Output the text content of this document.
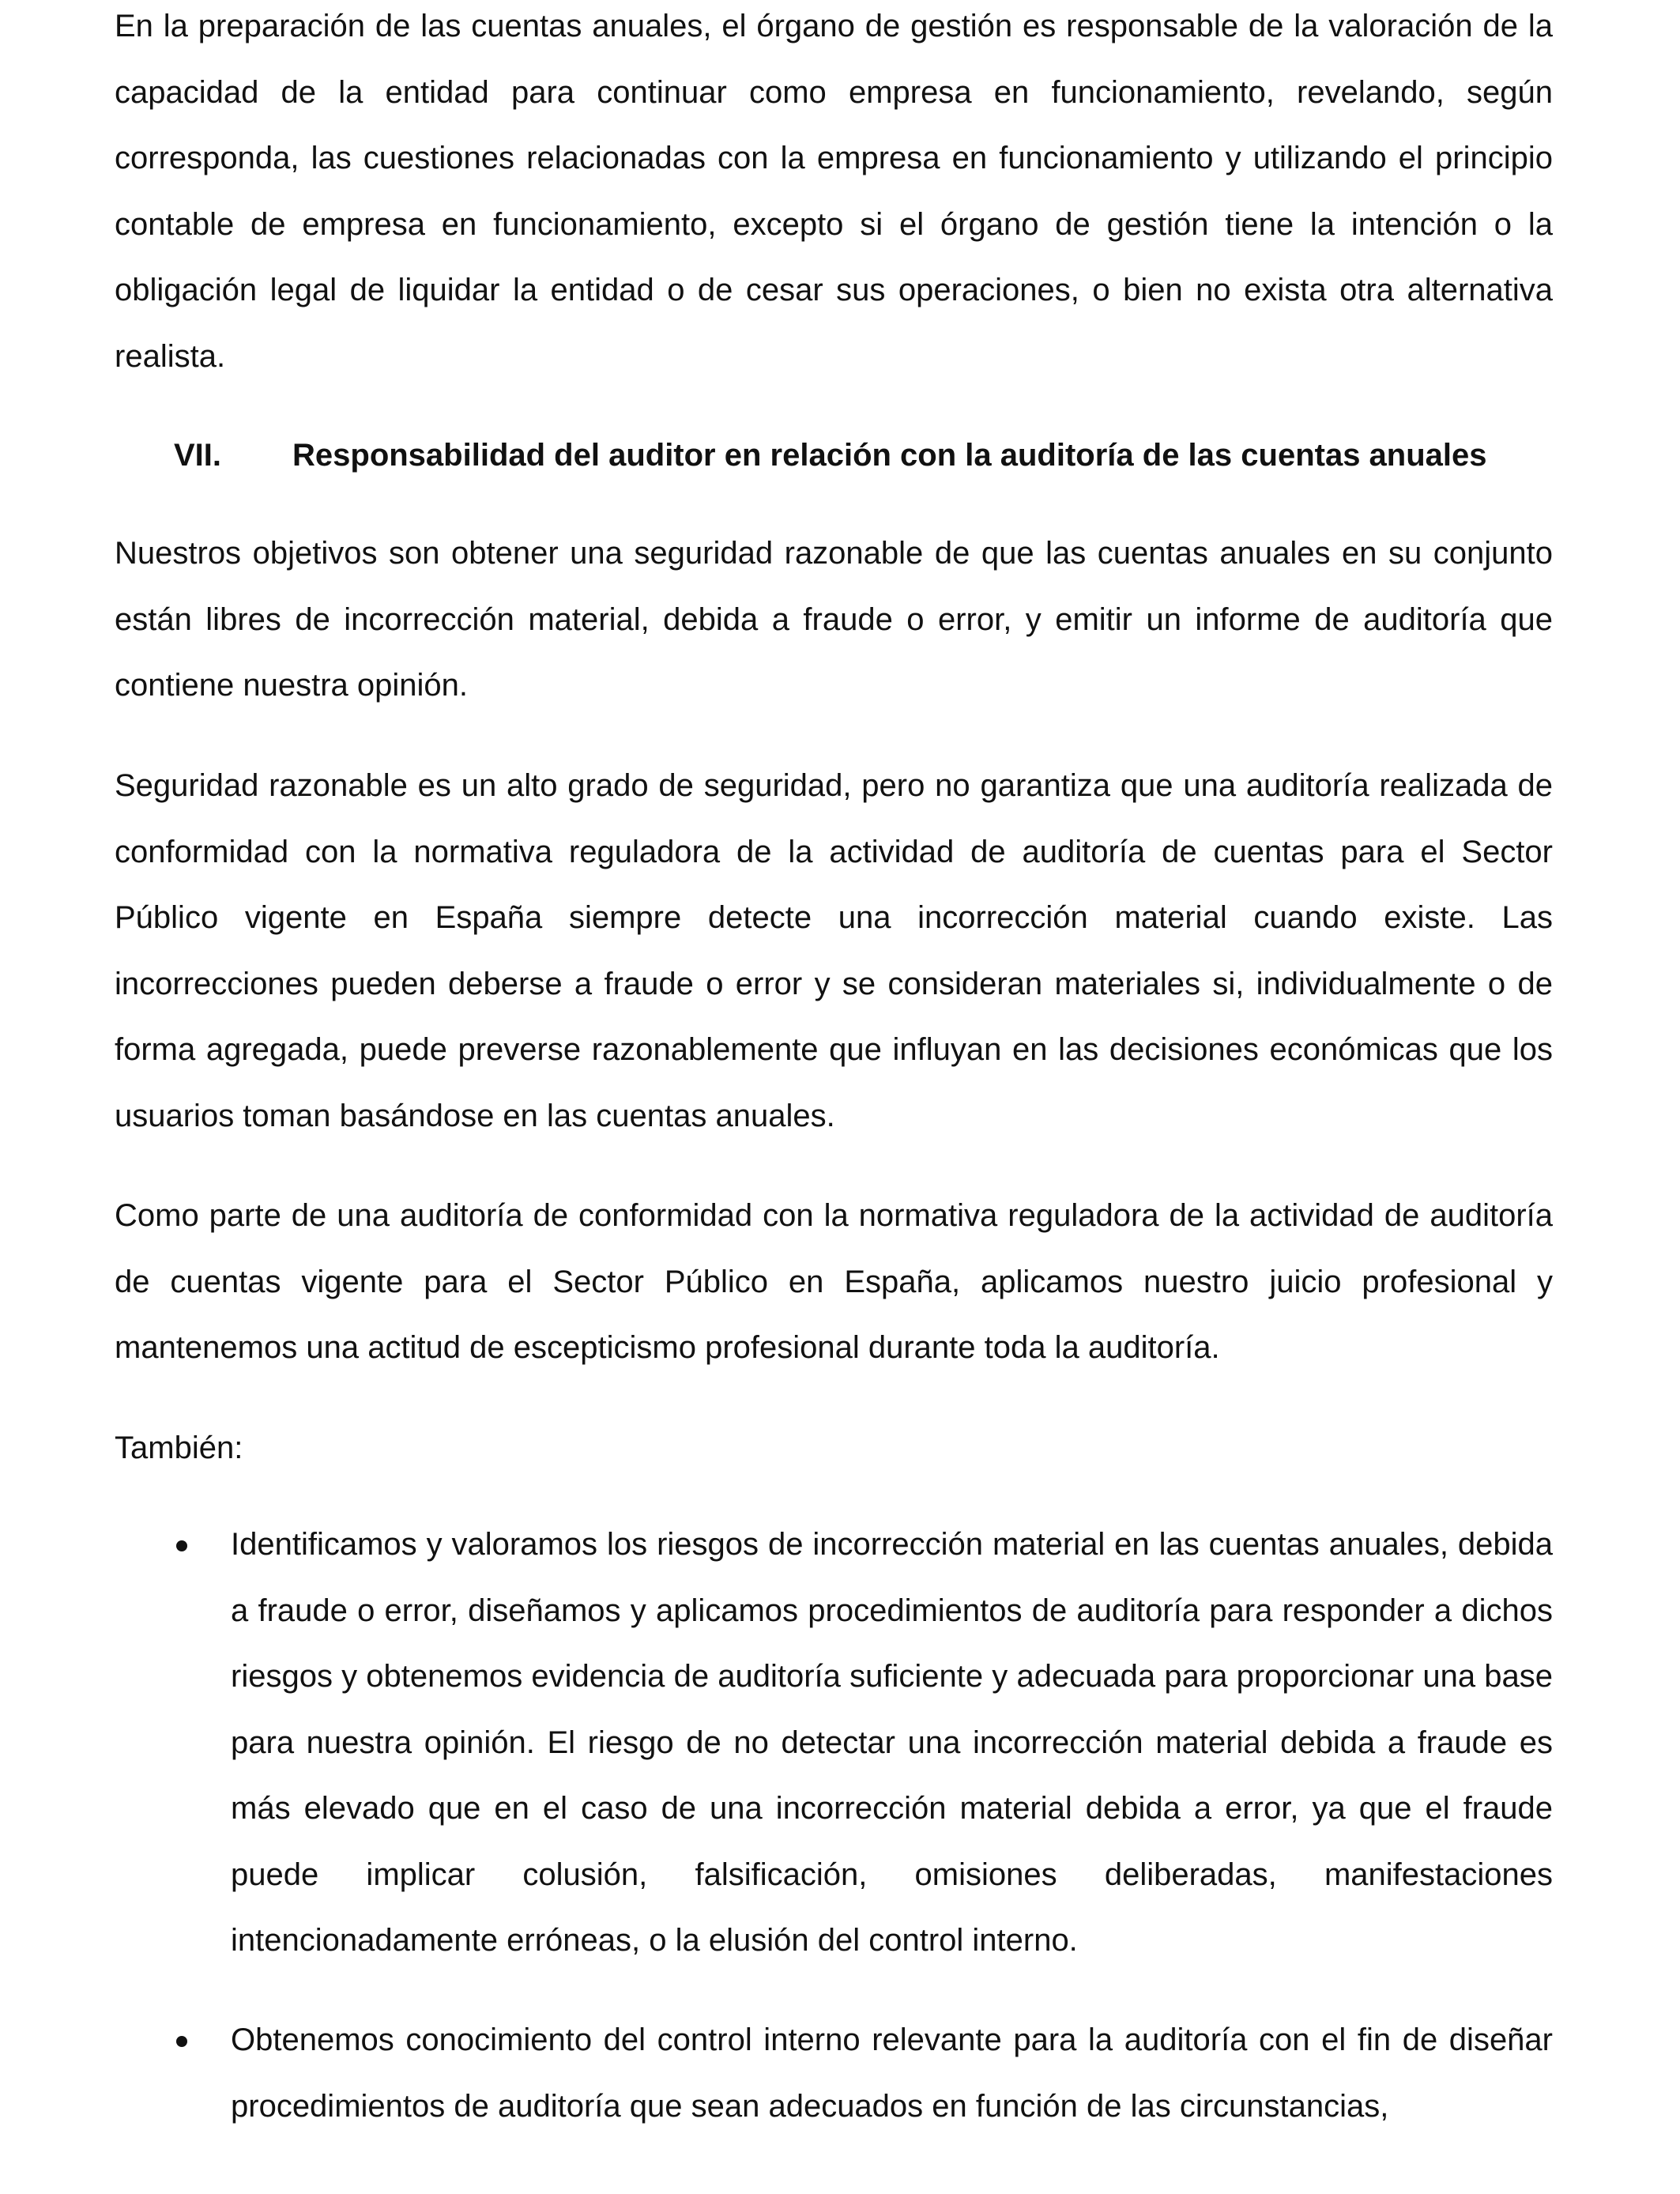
En la preparación de las cuentas anuales, el órgano de gestión es responsable de la valoración de la capacidad de la entidad para continuar como empresa en funcionamiento, revelando, según corresponda, las cuestiones relacionadas con la empresa en funcionamiento y utilizando el principio contable de empresa en funcionamiento, excepto si el órgano de gestión tiene la intención o la obligación legal de liquidar la entidad o de cesar sus operaciones, o bien no exista otra alternativa realista.

VII. Responsabilidad del auditor en relación con la auditoría de las cuentas anuales

Nuestros objetivos son obtener una seguridad razonable de que las cuentas anuales en su conjunto están libres de incorrección material, debida a fraude o error, y emitir un informe de auditoría que contiene nuestra opinión.

Seguridad razonable es un alto grado de seguridad, pero no garantiza que una auditoría realizada de conformidad con la normativa reguladora de la actividad de auditoría de cuentas para el Sector Público vigente en España siempre detecte una incorrección material cuando existe. Las incorrecciones pueden deberse a fraude o error y se consideran materiales si, individualmente o de forma agregada, puede preverse razonablemente que influyan en las decisiones económicas que los usuarios toman basándose en las cuentas anuales.

Como parte de una auditoría de conformidad con la normativa reguladora de la actividad de auditoría de cuentas vigente para el Sector Público en España, aplicamos nuestro juicio profesional y mantenemos una actitud de escepticismo profesional durante toda la auditoría.

También:

Identificamos y valoramos los riesgos de incorrección material en las cuentas anuales, debida a fraude o error, diseñamos y aplicamos procedimientos de auditoría para responder a dichos riesgos y obtenemos evidencia de auditoría suficiente y adecuada para proporcionar una base para nuestra opinión. El riesgo de no detectar una incorrección material debida a fraude es más elevado que en el caso de una incorrección material debida a error, ya que el fraude puede implicar colusión, falsificación, omisiones deliberadas, manifestaciones intencionadamente erróneas, o la elusión del control interno.

Obtenemos conocimiento del control interno relevante para la auditoría con el fin de diseñar procedimientos de auditoría que sean adecuados en función de las circunstancias,
